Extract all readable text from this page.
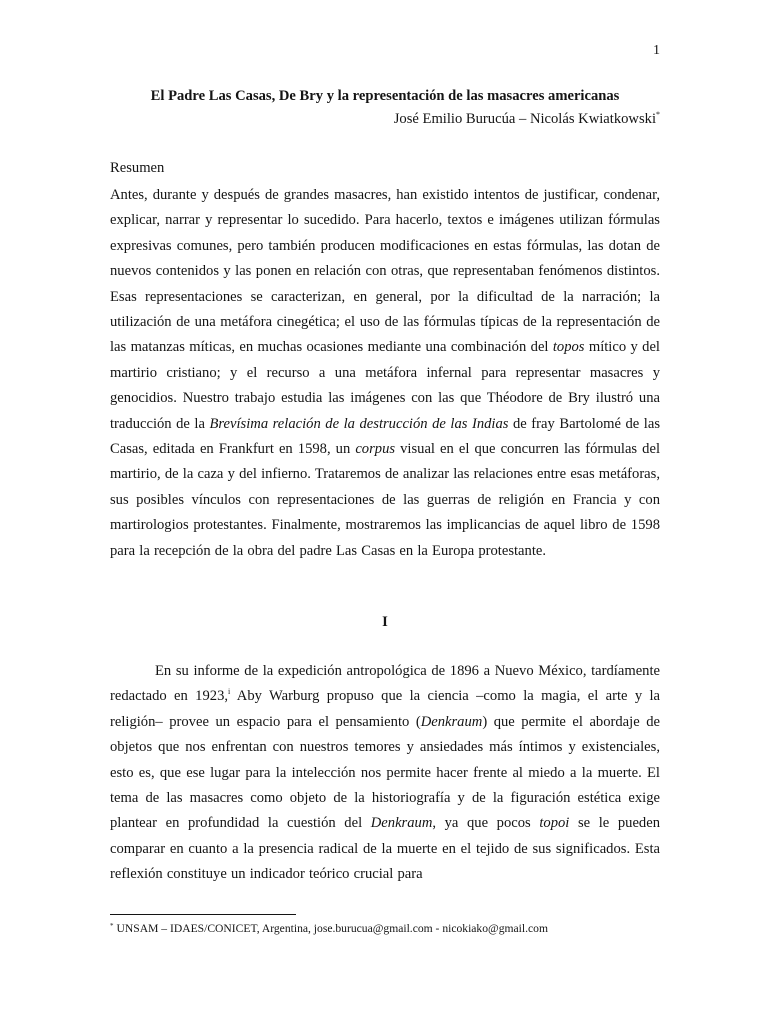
1
El Padre Las Casas, De Bry y la representación de las masacres americanas
José Emilio Burucúa – Nicolás Kwiatkowski*
Resumen
Antes, durante y después de grandes masacres, han existido intentos de justificar, condenar, explicar, narrar y representar lo sucedido. Para hacerlo, textos e imágenes utilizan fórmulas expresivas comunes, pero también producen modificaciones en estas fórmulas, las dotan de nuevos contenidos y las ponen en relación con otras, que representaban fenómenos distintos. Esas representaciones se caracterizan, en general, por la dificultad de la narración; la utilización de una metáfora cinegética; el uso de las fórmulas típicas de la representación de las matanzas míticas, en muchas ocasiones mediante una combinación del topos mítico y del martirio cristiano; y el recurso a una metáfora infernal para representar masacres y genocidios. Nuestro trabajo estudia las imágenes con las que Théodore de Bry ilustró una traducción de la Brevísima relación de la destrucción de las Indias de fray Bartolomé de las Casas, editada en Frankfurt en 1598, un corpus visual en el que concurren las fórmulas del martirio, de la caza y del infierno. Trataremos de analizar las relaciones entre esas metáforas, sus posibles vínculos con representaciones de las guerras de religión en Francia y con martirologios protestantes. Finalmente, mostraremos las implicancias de aquel libro de 1598 para la recepción de la obra del padre Las Casas en la Europa protestante.
I
En su informe de la expedición antropológica de 1896 a Nuevo México, tardíamente redactado en 1923,$^i$ Aby Warburg propuso que la ciencia –como la magia, el arte y la religión– provee un espacio para el pensamiento (Denkraum) que permite el abordaje de objetos que nos enfrentan con nuestros temores y ansiedades más íntimos y existenciales, esto es, que ese lugar para la intelección nos permite hacer frente al miedo a la muerte. El tema de las masacres como objeto de la historiografía y de la figuración estética exige plantear en profundidad la cuestión del Denkraum, ya que pocos topoi se le pueden comparar en cuanto a la presencia radical de la muerte en el tejido de sus significados. Esta reflexión constituye un indicador teórico crucial para
* UNSAM – IDAES/CONICET, Argentina, jose.burucua@gmail.com - nicokiako@gmail.com
